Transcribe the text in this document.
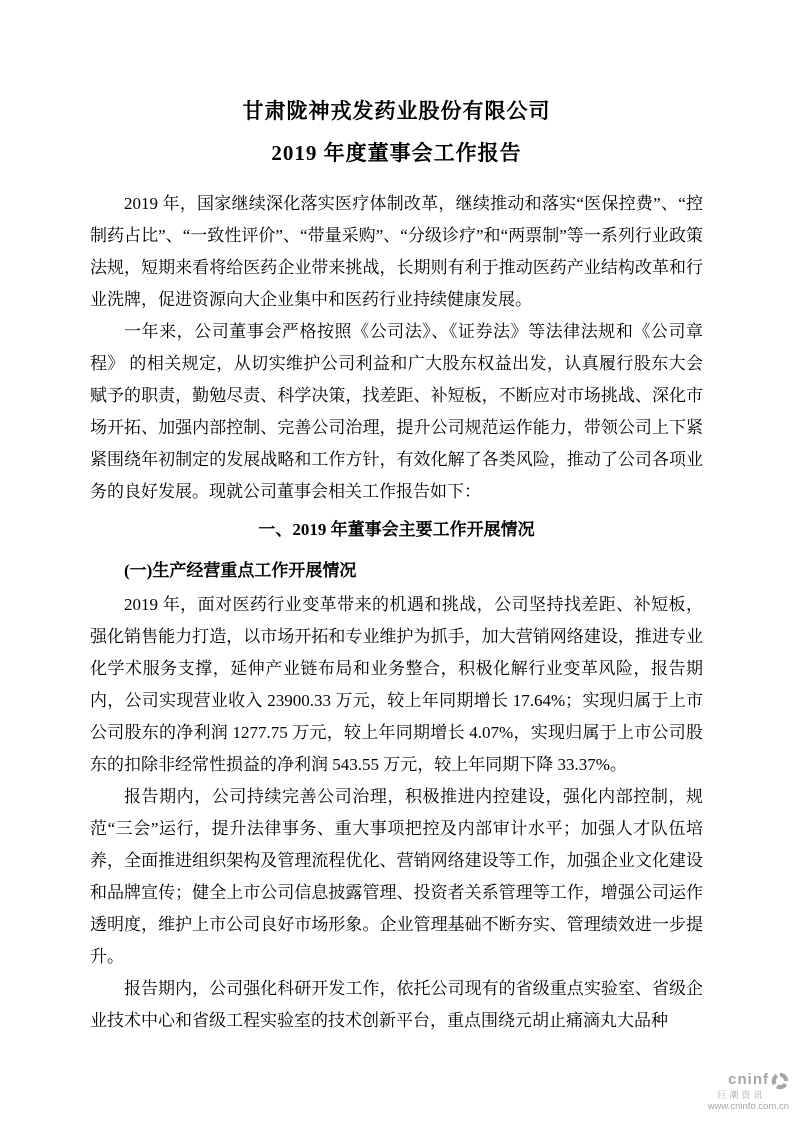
甘肃陇神戎发药业股份有限公司
2019 年度董事会工作报告

2019 年，国家继续深化落实医疗体制改革，继续推动和落实“医保控费”、“控制药占比”、“一致性评价”、“带量采购”、“分级诊疗”和“两票制”等一系列行业政策法规，短期来看将给医药企业带来挑战，长期则有利于推动医药产业结构改革和行业洗牌，促进资源向大企业集中和医药行业持续健康发展。

一年来，公司董事会严格按照《公司法》、《证券法》等法律法规和《公司章程》 的相关规定，从切实维护公司利益和广大股东权益出发，认真履行股东大会赋予的职责，勤勉尽责、科学决策，找差距、补短板，不断应对市场挑战、深化市场开拓、加强内部控制、完善公司治理，提升公司规范运作能力，带领公司上下紧紧围绕年初制定的发展战略和工作方针，有效化解了各类风险，推动了公司各项业务的良好发展。现就公司董事会相关工作报告如下：

一、2019 年董事会主要工作开展情况
(一)生产经营重点工作开展情况

2019 年，面对医药行业变革带来的机遇和挑战，公司坚持找差距、补短板，强化销售能力打造，以市场开拓和专业维护为抓手，加大营销网络建设，推进专业化学术服务支撑，延伸产业链布局和业务整合，积极化解行业变革风险，报告期内，公司实现营业收入 23900.33 万元，较上年同期增长 17.64%；实现归属于上市公司股东的净利润 1277.75 万元，较上年同期增长 4.07%，实现归属于上市公司股东的扣除非经常性损益的净利润 543.55 万元，较上年同期下降 33.37%。

报告期内，公司持续完善公司治理，积极推进内控建设，强化内部控制，规范“三会”运行，提升法律事务、重大事项把控及内部审计水平；加强人才队伍培养，全面推进组织架构及管理流程优化、营销网络建设等工作，加强企业文化建设和品牌宣传；健全上市公司信息披露管理、投资者关系管理等工作，增强公司运作透明度，维护上市公司良好市场形象。企业管理基础不断夯实、管理绩效进一步提升。

报告期内，公司强化科研开发工作，依托公司现有的省级重点实验室、省级企业技术中心和省级工程实验室的技术创新平台，重点围绕元胡止痛滴丸大品种

cninf
巨潮资讯
www.cninfo.com.cn
